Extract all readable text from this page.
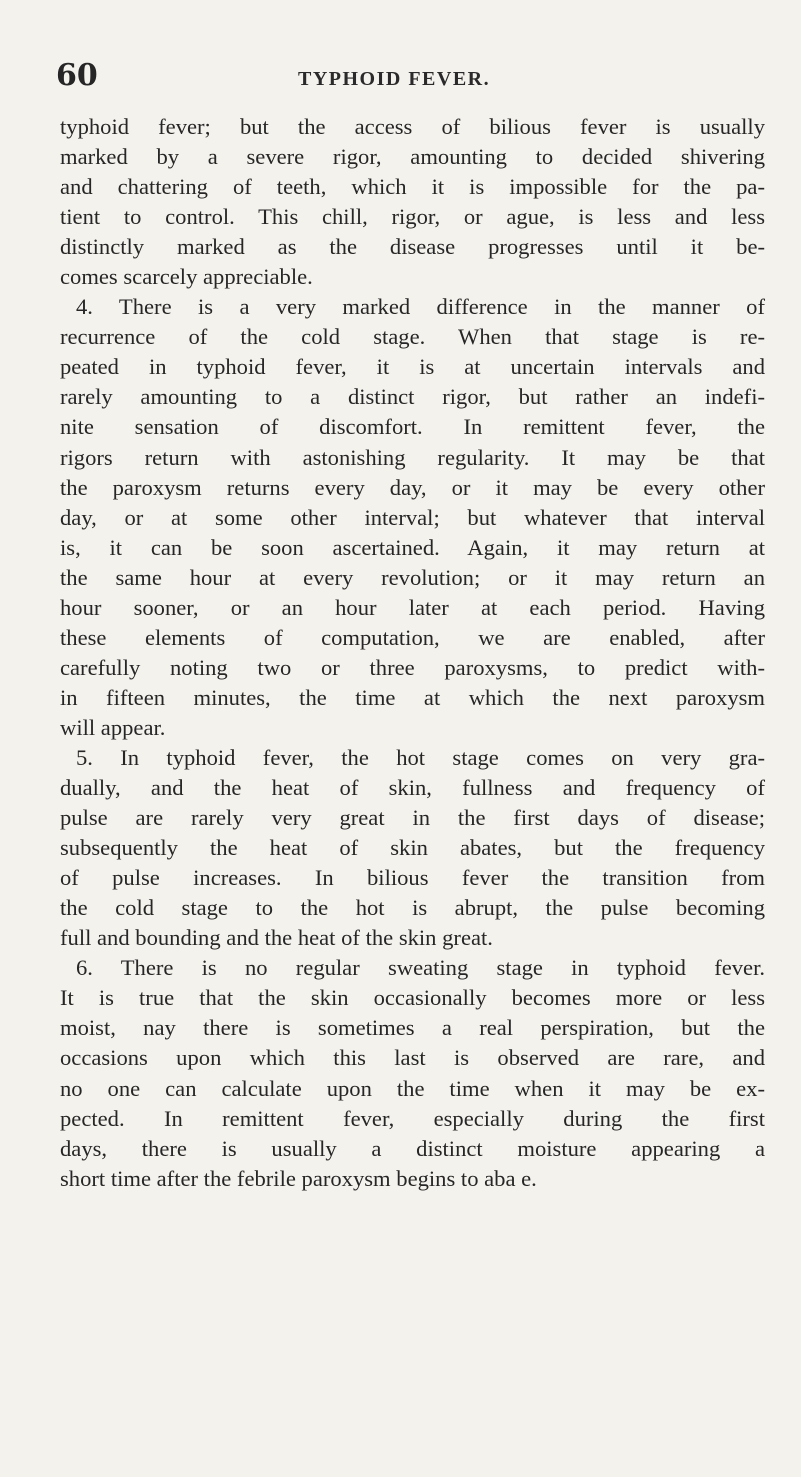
60	TYPHOID FEVER.

typhoid fever; but the access of bilious fever is usually
marked by a severe rigor, amounting to decided shivering
and chattering of teeth, which it is impossible for the pa-
tient to control. This chill, rigor, or ague, is less and less
distinctly marked as the disease progresses until it be-
comes scarcely appreciable.

4. There is a very marked difference in the manner of
recurrence of the cold stage. When that stage is re-
peated in typhoid fever, it is at uncertain intervals and
rarely amounting to a distinct rigor, but rather an indefi-
nite sensation of discomfort. In remittent fever, the
rigors return with astonishing regularity. It may be that
the paroxysm returns every day, or it may be every other
day, or at some other interval; but whatever that interval
is, it can be soon ascertained. Again, it may return at
the same hour at every revolution; or it may return an
hour sooner, or an hour later at each period. Having
these elements of computation, we are enabled, after
carefully noting two or three paroxysms, to predict with-
in fifteen minutes, the time at which the next paroxysm
will appear.

5. In typhoid fever, the hot stage comes on very gra-
dually, and the heat of skin, fullness and frequency of
pulse are rarely very great in the first days of disease;
subsequently the heat of skin abates, but the frequency
of pulse increases. In bilious fever the transition from
the cold stage to the hot is abrupt, the pulse becoming
full and bounding and the heat of the skin great.

6. There is no regular sweating stage in typhoid fever.
It is true that the skin occasionally becomes more or less
moist, nay there is sometimes a real perspiration, but the
occasions upon which this last is observed are rare, and
no one can calculate upon the time when it may be ex-
pected. In remittent fever, especially during the first
days, there is usually a distinct moisture appearing a
short time after the febrile paroxysm begins to aba e.
